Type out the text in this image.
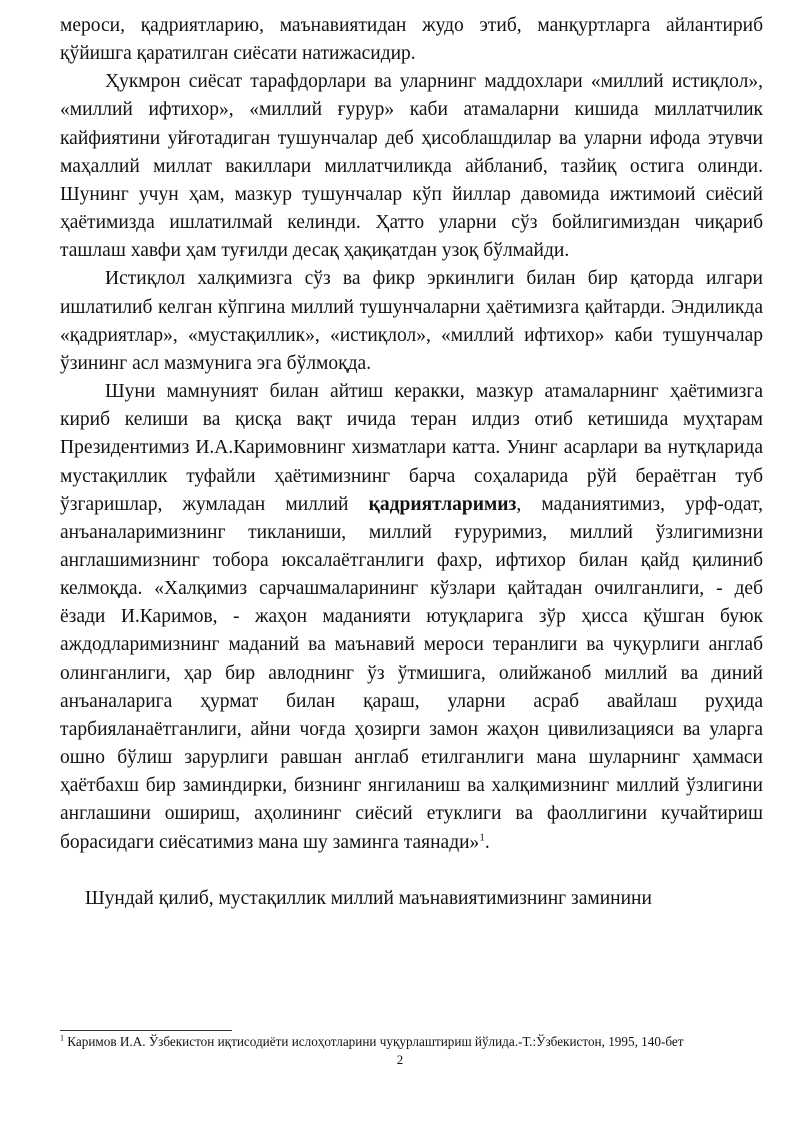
мероси, қадриятларию, маънавиятидан жудо этиб, манқуртларга айлантириб қўйишга қаратилган сиёсати натижасидир.

Ҳукмрон сиёсат тарафдорлари ва уларнинг маддохлари «миллий истиқлол», «миллий ифтихор», «миллий ғурур» каби атамаларни кишида миллатчилик кайфиятини уйғотадиган тушунчалар деб ҳисоблашдилар ва уларни ифода этувчи маҳаллий миллат вакиллари миллатчиликда айбланиб, тазйиқ остига олинди. Шунинг учун ҳам, мазкур тушунчалар кўп йиллар давомида ижтимоий сиёсий ҳаётимизда ишлатилмай келинди. Ҳатто уларни сўз бойлигимиздан чиқариб ташлаш хавфи ҳам туғилди десақ ҳақиқатдан узоқ бўлмайди.

Истиқлол халқимизга сўз ва фикр эркинлиги билан бир қаторда илгари ишлатилиб келган кўпгина миллий тушунчаларни ҳаётимизга қайтарди. Эндиликда «қадриятлар», «мустақиллик», «истиқлол», «миллий ифтихор» каби тушунчалар ўзининг асл мазмунига эга бўлмоқда.

Шуни мамнуният билан айтиш керакки, мазкур атамаларнинг ҳаётимизга кириб келиши ва қисқа вақт ичида теран илдиз отиб кетишида муҳтарам Президентимиз И.А.Каримовнинг хизматлари катта. Унинг асарлари ва нутқларида мустақиллик туфайли ҳаётимизнинг барча соҳаларида рўй бераётган туб ўзгаришлар, жумладан миллий қадриятларимиз, маданиятимиз, урф-одат, анъаналаримизнинг тикланиши, миллий ғуруримиз, миллий ўзлигимизни англашимизнинг тобора юксалаётганлиги фахр, ифтихор билан қайд қилиниб келмоқда. «Халқимиз сарчашмаларининг кўзлари қайтадан очилганлиги, - деб ёзади И.Каримов, - жаҳон маданияти ютуқларига зўр ҳисса қўшган буюк аждодларимизнинг маданий ва маънавий мероси теранлиги ва чуқурлиги англаб олинганлиги, ҳар бир авлоднинг ўз ўтмишига, олийжаноб миллий ва диний анъаналарига ҳурмат билан қараш, уларни асраб авайлаш руҳида тарбияланаётганлиги, айни чоғда ҳозирги замон жаҳон цивилизацияси ва уларга ошно бўлиш зарурлиги равшан англаб етилганлиги мана шуларнинг ҳаммаси ҳаётбахш бир заминдирки, бизнинг янгиланиш ва халқимизнинг миллий ўзлигини англашини ошириш, аҳолининг сиёсий етуклиги ва фаоллигини кучайтириш борасидаги сиёсатимиз мана шу заминга таянади»$^1$.

Шундай қилиб, мустақиллик миллий маънавиятимизнинг заминини

$^1$ Каримов И.А. Ўзбекистон иқтисодиёти ислоҳотларини чуқурлаштириш йўлида.-Т.:Ўзбекистон, 1995, 140-бет
2
